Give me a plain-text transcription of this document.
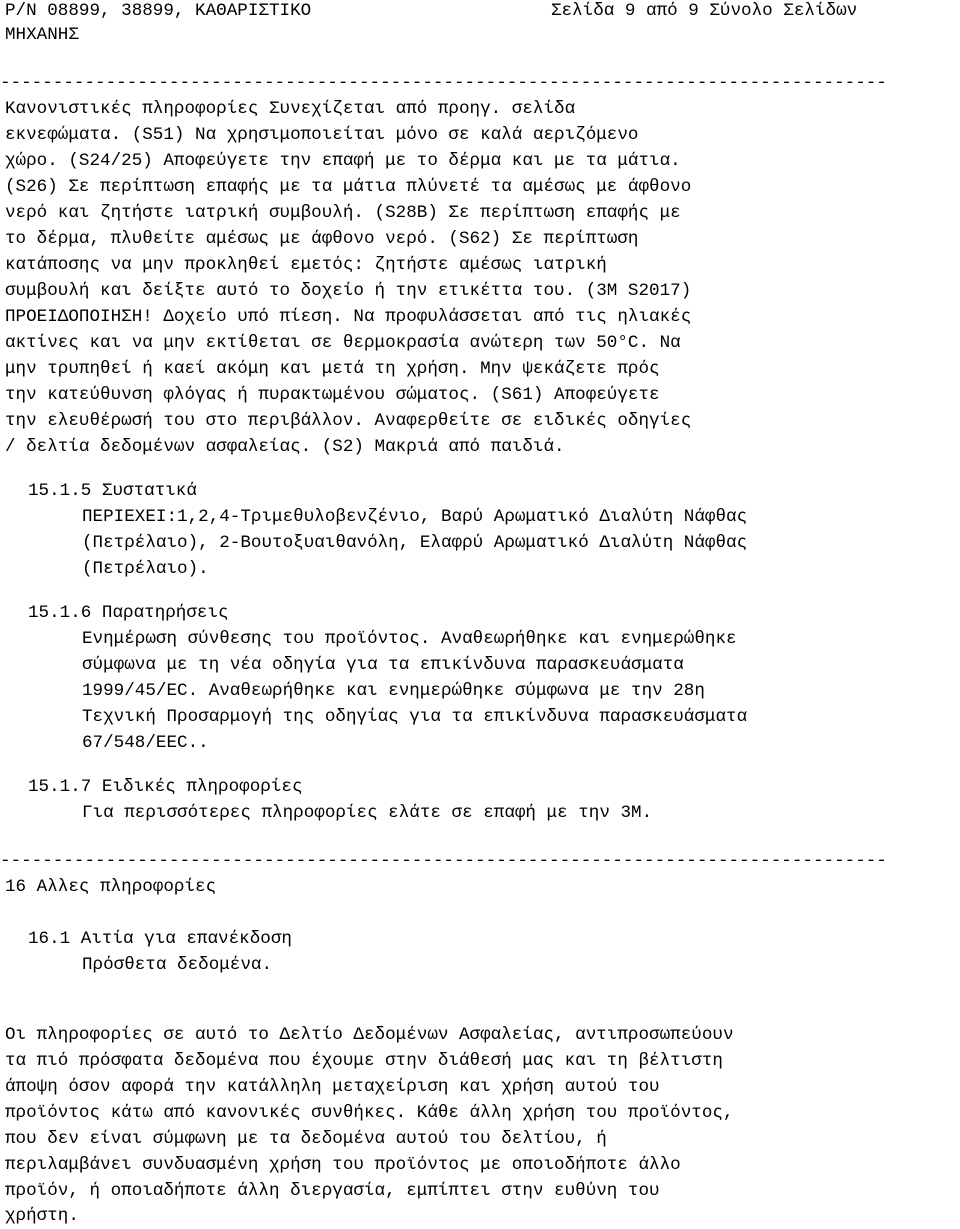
P/N 08899, 38899, ΚΑΘΑΡΙΣΤΙΚΟ	Σελίδα 9 από 9 Σύνολο Σελίδων
ΜΗΧΑΝΗΣ
------------------------------------------------------------------------------------
Κανονιστικές πληροφορίες Συνεχίζεται από προηγ. σελίδα
εκνεφώματα. (S51) Να χρησιμοποιείται μόνο σε καλά αεριζόμενο
χώρο. (S24/25) Αποφεύγετε την επαφή με το δέρμα και με τα μάτια.
(S26) Σε περίπτωση επαφής με τα μάτια πλύνετέ τα αμέσως με άφθονο
νερό και ζητήστε ιατρική συμβουλή. (S28B) Σε περίπτωση επαφής με
το δέρμα, πλυθείτε αμέσως με άφθονο νερό. (S62) Σε περίπτωση
κατάποσης να μην προκληθεί εμετός: ζητήστε αμέσως ιατρική
συμβουλή και δείξτε αυτό το δοχείο ή την ετικέττα του. (3M S2017)
ΠΡΟΕΙΔΟΠΟΙΗΣΗ! Δοχείο υπό πίεση. Να προφυλάσσεται από τις ηλιακές
ακτίνες και να μην εκτίθεται σε θερμοκρασία ανώτερη των 50°C. Να
μην τρυπηθεί ή καεί ακόμη και μετά τη χρήση. Μην ψεκάζετε πρός
την κατεύθυνση φλόγας ή πυρακτωμένου σώματος. (S61) Αποφεύγετε
την ελευθέρωσή του στο περιβάλλον. Αναφερθείτε σε ειδικές οδηγίες
/ δελτία δεδομένων ασφαλείας. (S2) Μακριά από παιδιά.
15.1.5 Συστατικά
ΠΕΡΙΕΧΕΙ:1,2,4-Τριμεθυλοβενζένιο, Βαρύ Αρωματικό Διαλύτη Νάφθας
(Πετρέλαιο), 2-Βουτοξυαιθανόλη, Ελαφρύ Αρωματικό Διαλύτη Νάφθας
(Πετρέλαιο).
15.1.6 Παρατηρήσεις
Ενημέρωση σύνθεσης του προϊόντος. Αναθεωρήθηκε και ενημερώθηκε
σύμφωνα με τη νέα οδηγία για τα επικίνδυνα παρασκευάσματα
1999/45/EC. Αναθεωρήθηκε και ενημερώθηκε σύμφωνα με την 28η
Τεχνική Προσαρμογή της οδηγίας για τα επικίνδυνα παρασκευάσματα
67/548/EEC..
15.1.7 Ειδικές πληροφορίες
Για περισσότερες πληροφορίες ελάτε σε επαφή με την 3M.
------------------------------------------------------------------------------------
16 Αλλες πληροφορίες
16.1 Αιτία για επανέκδοση
Πρόσθετα δεδομένα.
Οι πληροφορίες σε αυτό το Δελτίο Δεδομένων Ασφαλείας, αντιπροσωπεύουν
τα πιό πρόσφατα δεδομένα που έχουμε στην διάθεσή μας και τη βέλτιστη
άποψη όσον αφορά την κατάλληλη μεταχείριση και χρήση αυτού του
προϊόντος κάτω από κανονικές συνθήκες. Κάθε άλλη χρήση του προϊόντος,
που δεν είναι σύμφωνη με τα δεδομένα αυτού του δελτίου, ή
περιλαμβάνει συνδυασμένη χρήση του προϊόντος με οποιοδήποτε άλλο
προϊόν, ή οποιαδήποτε άλλη διεργασία, εμπίπτει στην ευθύνη του
χρήστη.
